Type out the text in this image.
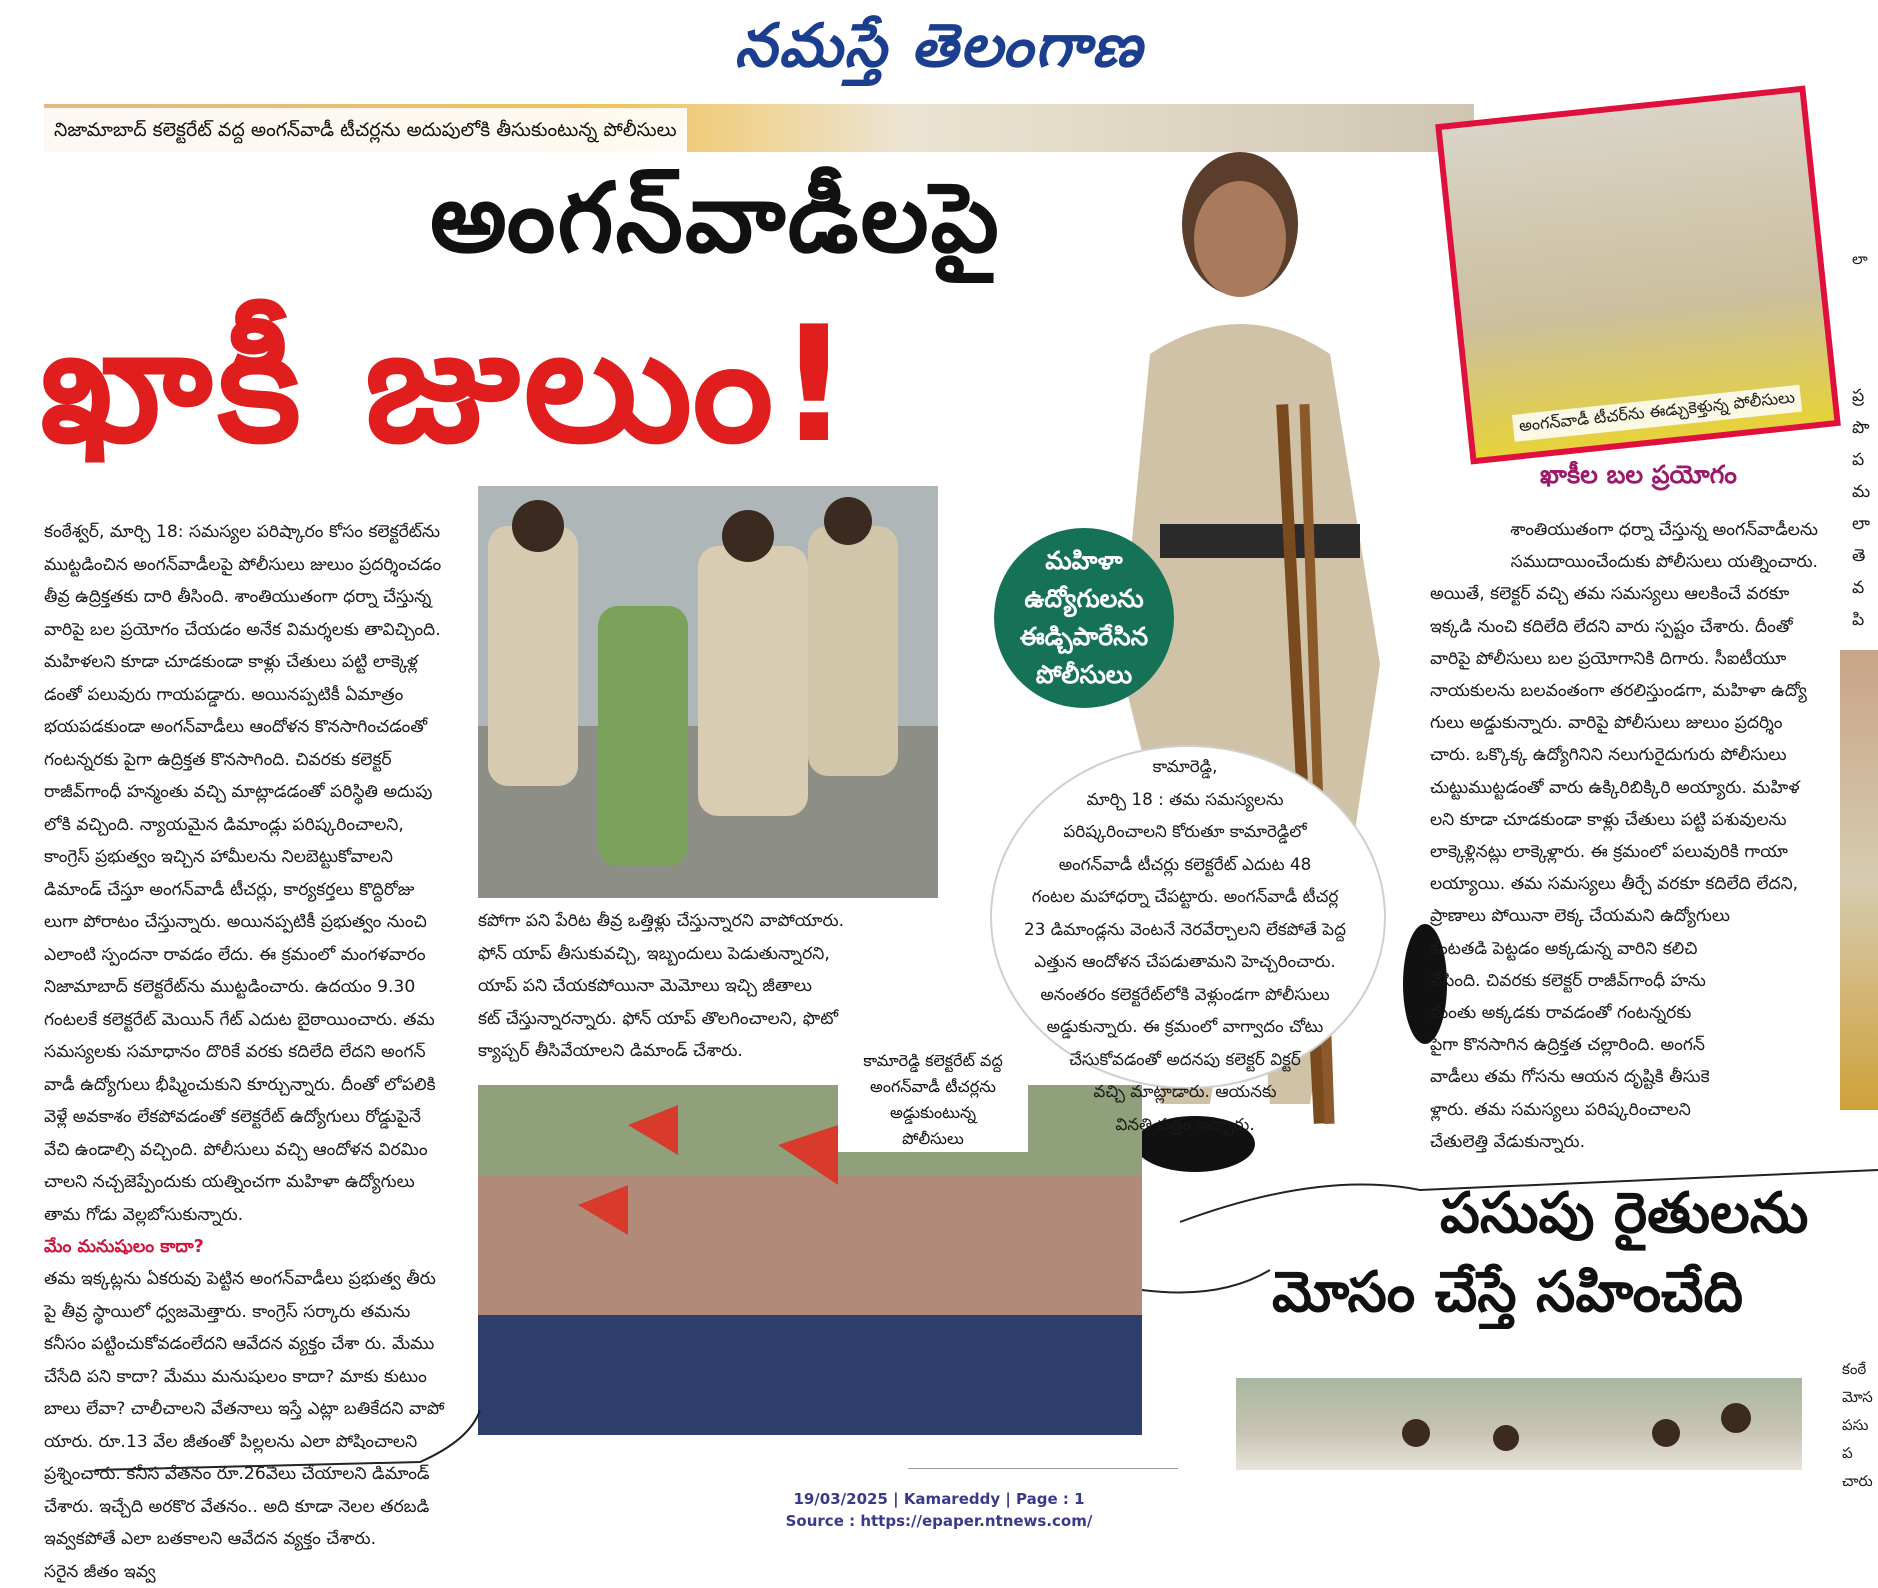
నమస్తే తెలంగాణ
అంగన్‌వాడీ టీచర్‌ను ఈడ్చుకెళ్తున్న పోలీసులు
నిజామాబాద్ కలెక్టరేట్ వద్ద అంగన్‌వాడీ టీచర్లను అదుపులోకి తీసుకుంటున్న పోలీసులు
అంగన్‌వాడీలపై
ఖాకీ జులుం!
మహిళా
ఉద్యోగులను
ఈడ్చిపారేసిన
పోలీసులు
ఖాకీల బల ప్రయోగం

కంఠేశ్వర్, మార్చి 18: సమస్యల పరిష్కారం కోసం కలెక్టరేట్‌ను

ముట్టడించిన అంగన్‌వాడీలపై పోలీసులు జులుం ప్రదర్శించడం

తీవ్ర ఉద్రిక్తతకు దారి తీసింది. శాంతియుతంగా ధర్నా చేస్తున్న

వారిపై బల ప్రయోగం చేయడం అనేక విమర్శలకు తావిచ్చింది.

మహిళలని కూడా చూడకుండా కాళ్లు చేతులు పట్టి లాక్కెళ్ల

డంతో పలువురు గాయపడ్డారు. అయినప్పటికీ ఏమాత్రం

భయపడకుండా అంగన్‌వాడీలు ఆందోళన కొనసాగించడంతో

గంటన్నరకు పైగా ఉద్రిక్తత కొనసాగింది. చివరకు కలెక్టర్

రాజీవ్‌గాంధీ హన్మంతు వచ్చి మాట్లాడడంతో పరిస్థితి అదుపు

లోకి వచ్చింది. న్యాయమైన డిమాండ్లు పరిష్కరించాలని,

కాంగ్రెస్ ప్రభుత్వం ఇచ్చిన హామీలను నిలబెట్టుకోవాలని

డిమాండ్ చేస్తూ అంగన్‌వాడీ టీచర్లు, కార్యకర్తలు కొద్దిరోజు

లుగా పోరాటం చేస్తున్నారు. అయినప్పటికీ ప్రభుత్వం నుంచి

ఎలాంటి స్పందనా రావడం లేదు. ఈ క్రమంలో మంగళవారం

నిజామాబాద్ కలెక్టరేట్‌ను ముట్టడించారు. ఉదయం 9.30

గంటలకే కలెక్టరేట్ మెయిన్ గేట్ ఎదుట బైఠాయించారు. తమ

సమస్యలకు సమాధానం దొరికే వరకు కదిలేది లేదని అంగన్

వాడీ ఉద్యోగులు భీష్మించుకుని కూర్చున్నారు. దీంతో లోపలికి

వెళ్లే అవకాశం లేకపోవడంతో కలెక్టరేట్ ఉద్యోగులు రోడ్డుపైనే

వేచి ఉండాల్సి వచ్చింది. పోలీసులు వచ్చి ఆందోళన విరమిం

చాలని నచ్చజెప్పేందుకు యత్నించగా మహిళా ఉద్యోగులు

తామ గోడు వెల్లబోసుకున్నారు.

మేం మనుషులం కాదా?

తమ ఇక్కట్లను ఏకరువు పెట్టిన అంగన్‌వాడీలు ప్రభుత్వ తీరు

పై తీవ్ర స్థాయిలో ధ్వజమెత్తారు. కాంగ్రెస్ సర్కారు తమను

కనీసం పట్టించుకోవడంలేదని ఆవేదన వ్యక్తం చేశా రు. మేము

చేసేది పని కాదా? మేము మనుషులం కాదా? మాకు కుటుం

బాలు లేవా? చాలీచాలని వేతనాలు ఇస్తే ఎట్లా బతికేదని వాపో

యారు. రూ.13 వేల జీతంతో పిల్లలను ఎలా పోషించాలని

ప్రశ్నించారు. కనీస వేతనం రూ.26వేలు చేయాలని డిమాండ్

చేశారు. ఇచ్చేది అరకొర వేతనం.. అది కూడా నెలల తరబడి

ఇవ్వకపోతే ఎలా బతకాలని ఆవేదన వ్యక్తం చేశారు.

సరైన జీతం ఇవ్వ

కపోగా పని పేరిట తీవ్ర ఒత్తిళ్లు చేస్తున్నారని వాపోయారు.

ఫోన్ యాప్ తీసుకువచ్చి, ఇబ్బందులు పెడుతున్నారని,

యాప్ పని చేయకపోయినా మెమోలు ఇచ్చి జీతాలు

కట్ చేస్తున్నారన్నారు. ఫోన్ యాప్ తొలగించాలని, ఫొటో

క్యాప్చర్ తీసివేయాలని డిమాండ్ చేశారు.	కామారెడ్డి కలెక్టరేట్ వద్ద
అంగన్‌వాడీ టీచర్లను
అడ్డుకుంటున్న
పోలీసులు
కామారెడ్డి,
మార్చి 18 : తమ సమస్యలను
పరిష్కరించాలని కోరుతూ కామారెడ్డిలో
అంగన్‌వాడీ టీచర్లు కలెక్టరేట్ ఎదుట 48
గంటల మహాధర్నా చేపట్టారు. అంగన్‌వాడీ టీచర్ల
23 డిమాండ్లను వెంటనే నెరవేర్చాలని లేకపోతే పెద్ద
ఎత్తున ఆందోళన చేపడుతామని హెచ్చరించారు.
అనంతరం కలెక్టరేట్‌లోకి వెళ్లుండగా పోలీసులు
అడ్డుకున్నారు. ఈ క్రమంలో వాగ్వాదం చోటు
చేసుకోవడంతో అదనపు కలెక్టర్ విక్టర్
వచ్చి మాట్లాడారు. ఆయనకు
వినతి పత్రం ఇచ్చారు.

శాంతియుతంగా ధర్నా చేస్తున్న అంగన్‌వాడీలను

సముదాయించేందుకు పోలీసులు యత్నించారు.

అయితే, కలెక్టర్ వచ్చి తమ సమస్యలు ఆలకించే వరకూ

ఇక్కడి నుంచి కదిలేది లేదని వారు స్పష్టం చేశారు. దీంతో

వారిపై పోలీసులు బల ప్రయోగానికి దిగారు. సీఐటీయూ

నాయకులను బలవంతంగా తరలిస్తుండగా, మహిళా ఉద్యో

గులు అడ్డుకున్నారు. వారిపై పోలీసులు జులుం ప్రదర్శిం

చారు. ఒక్కొక్క ఉద్యోగినిని నలుగురైదుగురు పోలీసులు

చుట్టుముట్టడంతో వారు ఉక్కిరిబిక్కిరి అయ్యారు. మహిళ

లని కూడా చూడకుండా కాళ్లు చేతులు పట్టి పశువులను

లాక్కెళ్లినట్లు లాక్కెళ్లారు. ఈ క్రమంలో పలువురికి గాయా

లయ్యాయి. తమ సమస్యలు తీర్చే వరకూ కదిలేది లేదని,

ప్రాణాలు పోయినా లెక్క చేయమని ఉద్యోగులు

కంటతడి పెట్టడం అక్కడున్న వారిని కలిచి

వేసింది. చివరకు కలెక్టర్ రాజీవ్‌గాంధీ హను

మంతు అక్కడకు రావడంతో గంటన్నరకు

పైగా కొనసాగిన ఉద్రిక్తత చల్లారింది. అంగన్

వాడీలు తమ గోసను ఆయన దృష్టికి తీసుకె

ళ్లారు. తమ సమస్యలు పరిష్కరించాలని

చేతులెత్తి వేడుకున్నారు.

లా
ప్ర
పొ
ప
మ
లా
తె
వ
పి
పసుపు రైతులను
మోసం చేస్తే సహించేది
కంఠే
మోస
పసు ప
చారు
19/03/2025 | Kamareddy | Page : 1
Source : https://epaper.ntnews.com/
